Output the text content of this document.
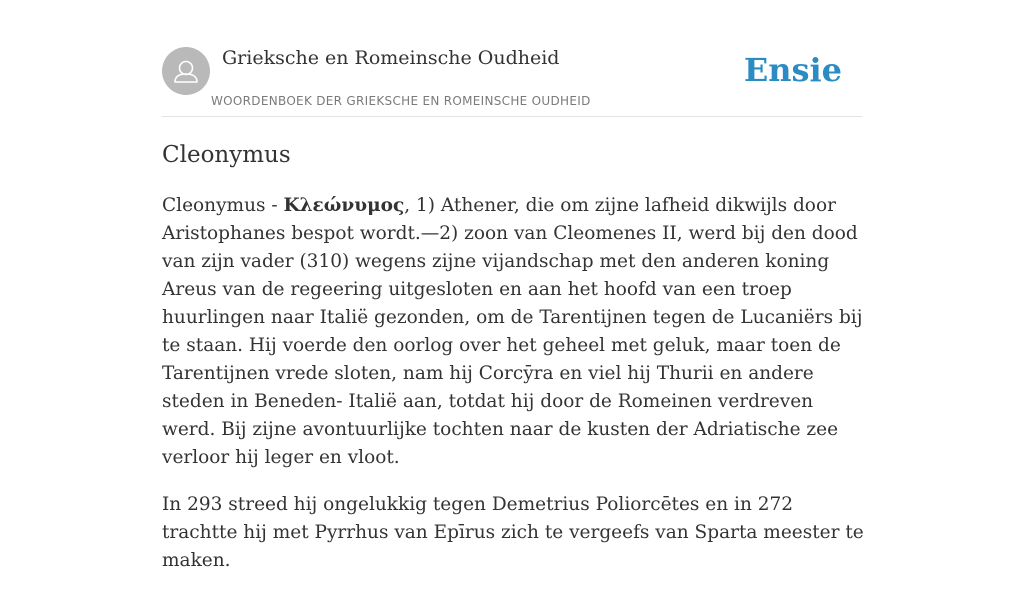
Grieksche en Romeinsche Oudheid
WOORDENBOEK DER GRIEKSCHE EN ROMEINSCHE OUDHEID
Ensie
Cleonymus

Cleonymus - Κλεώνυμος, 1) Athener, die om zijne lafheid dikwijls door Aristophanes bespot wordt.—2) zoon van Cleomenes II, werd bij den dood van zijn vader (310) wegens zijne vijandschap met den anderen koning Areus van de regeering uitgesloten en aan het hoofd van een troep huurlingen naar Italië gezonden, om de Tarentijnen tegen de Lucaniërs bij te staan. Hij voerde den oorlog over het geheel met geluk, maar toen de Tarentijnen vrede sloten, nam hij Corcȳra en viel hij Thurii en andere steden in Beneden- Italië aan, totdat hij door de Romeinen verdreven werd. Bij zijne avontuurlijke tochten naar de kusten der Adriatische zee verloor hij leger en vloot.

In 293 streed hij ongelukkig tegen Demetrius Poliorcētes en in 272 trachtte hij met Pyrrhus van Epīrus zich te vergeefs van Sparta meester te maken.
